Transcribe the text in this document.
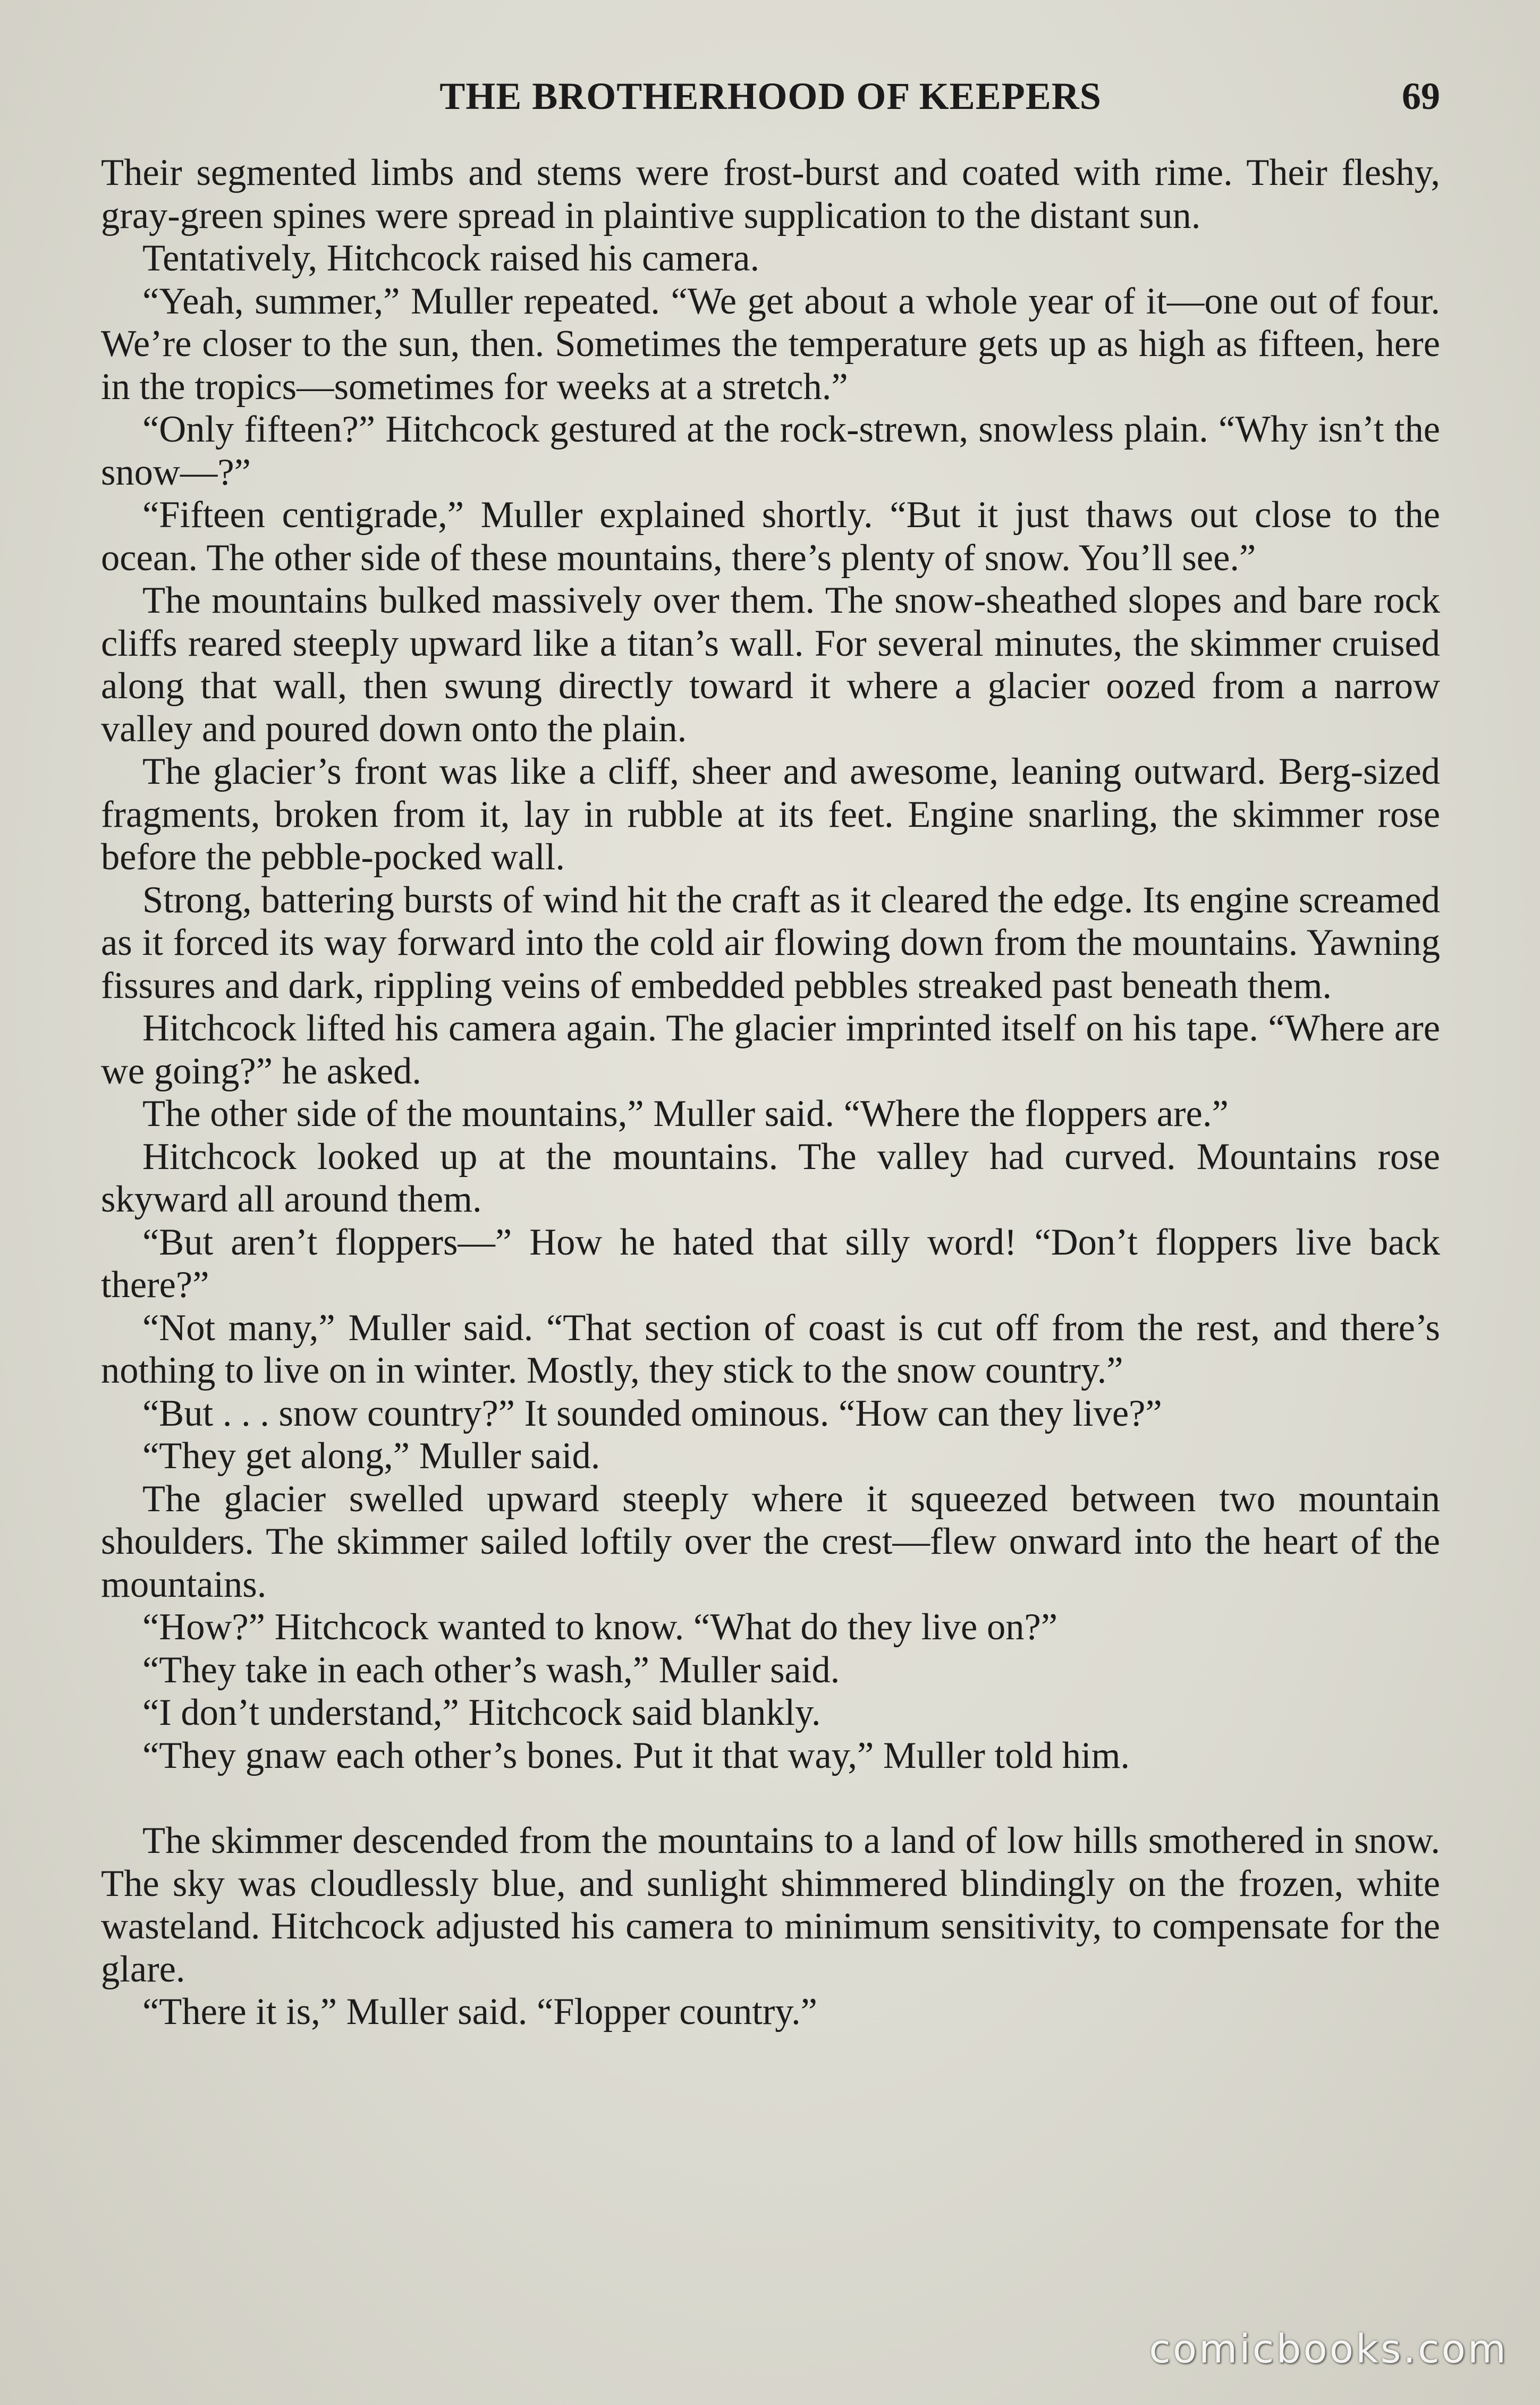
THE BROTHERHOOD OF KEEPERS	69

Their segmented limbs and stems were frost-burst and coated with rime. Their fleshy, gray-green spines were spread in plaintive supplication to the distant sun.

Tentatively, Hitchcock raised his camera.

“Yeah, summer,” Muller repeated. “We get about a whole year of it—one out of four. We’re closer to the sun, then. Sometimes the temperature gets up as high as fifteen, here in the tropics—sometimes for weeks at a stretch.”

“Only fifteen?” Hitchcock gestured at the rock-strewn, snowless plain. “Why isn’t the snow—?”

“Fifteen centigrade,” Muller explained shortly. “But it just thaws out close to the ocean. The other side of these mountains, there’s plenty of snow. You’ll see.”

The mountains bulked massively over them. The snow-sheathed slopes and bare rock cliffs reared steeply upward like a titan’s wall. For several minutes, the skimmer cruised along that wall, then swung directly toward it where a glacier oozed from a narrow valley and poured down onto the plain.

The glacier’s front was like a cliff, sheer and awesome, leaning outward. Berg-sized fragments, broken from it, lay in rubble at its feet. Engine snarling, the skimmer rose before the pebble-pocked wall.

Strong, battering bursts of wind hit the craft as it cleared the edge. Its engine screamed as it forced its way forward into the cold air flowing down from the mountains. Yawning fissures and dark, rippling veins of embedded pebbles streaked past beneath them.

Hitchcock lifted his camera again. The glacier imprinted itself on his tape. “Where are we going?” he asked.

The other side of the mountains,” Muller said. “Where the floppers are.”

Hitchcock looked up at the mountains. The valley had curved. Mountains rose skyward all around them.

“But aren’t floppers—” How he hated that silly word! “Don’t floppers live back there?”

“Not many,” Muller said. “That section of coast is cut off from the rest, and there’s nothing to live on in winter. Mostly, they stick to the snow country.”

“But . . . snow country?” It sounded ominous. “How can they live?”

“They get along,” Muller said.

The glacier swelled upward steeply where it squeezed between two mountain shoulders. The skimmer sailed loftily over the crest—flew onward into the heart of the mountains.

“How?” Hitchcock wanted to know. “What do they live on?”

“They take in each other’s wash,” Muller said.

“I don’t understand,” Hitchcock said blankly.

“They gnaw each other’s bones. Put it that way,” Muller told him.

The skimmer descended from the mountains to a land of low hills smothered in snow. The sky was cloudlessly blue, and sunlight shimmered blindingly on the frozen, white wasteland. Hitchcock adjusted his camera to minimum sensitivity, to compensate for the glare.

“There it is,” Muller said. “Flopper country.”

comicbooks.com
